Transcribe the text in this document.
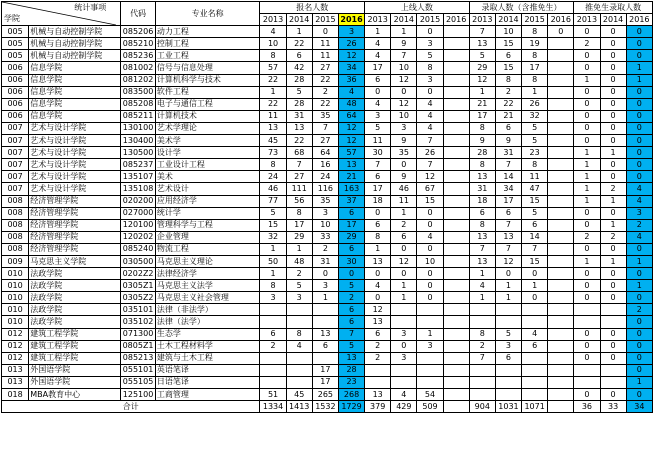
统计事项
学院		代码	专业名称	报名人数				上线人数				录取人数（含推免生）				推免生录取人数		
				2013	2014	2015	2016	2013	2014	2015	2016	2013	2014	2015	2016	2013	2014	2016
005	机械与自动控制学院	085206	动力工程	4	1	0	3	1	1	0		7	10	8	0	0	0	0
005	机械与自动控制学院	085210	控制工程	10	22	11	26	4	9	3		13	15	19		2	0	0
005	机械与自动控制学院	085236	工业工程	8	6	11	12	4	7	5		5	6	8		0	0	0
006	信息学院	081002	信号与信息处理	57	42	27	34	17	10	8		29	15	17		0	0	1
006	信息学院	081202	计算机科学与技术	22	28	22	36	6	12	3		12	8	8		1	0	1
006	信息学院	083500	软件工程	1	5	2	4	0	0	0		1	2	1		0	0	0
006	信息学院	085208	电子与通信工程	22	28	22	48	4	12	4		21	22	26		0	0	0
006	信息学院	085211	计算机技术	11	31	35	64	3	10	4		17	21	32		0	0	0
007	艺术与设计学院	130100	艺术学理论	13	13	7	12	5	3	4		8	6	5		0	0	0
007	艺术与设计学院	130400	美术学	45	22	27	12	11	9	7		9	9	5		0	0	0
007	艺术与设计学院	130500	设计学	73	68	64	57	30	35	26		28	31	23		1	1	0
007	艺术与设计学院	085237	工业设计工程	8	7	16	13	7	0	7		8	7	8		1	0	0
007	艺术与设计学院	135107	美术	24	27	24	21	6	9	12		13	14	11		1	0	0
007	艺术与设计学院	135108	艺术设计	46	111	116	163	17	46	67		31	34	47		1	2	4
008	经济管理学院	020200	应用经济学	77	56	35	37	18	11	15		18	17	15		1	1	4
008	经济管理学院	027000	统计学	5	8	3	6	0	1	0		6	6	5		0	0	3
008	经济管理学院	120100	管理科学与工程	15	17	10	17	6	2	0		8	7	6		0	1	2
008	经济管理学院	120202	企业管理	32	29	33	29	8	6	4		13	13	14		2	2	4
008	经济管理学院	085240	物流工程	1	1	2	6	1	0	0		7	7	7		0	0	0
009	马克思主义学院	030500	马克思主义理论	50	48	31	30	13	12	10		13	12	15		1	1	1
010	法政学院	0202Z2	法律经济学	1	2	0	0	0	0	0		1	0	0		0	0	0
010	法政学院	0305Z1	马克思主义法学	8	5	3	5	4	1	0		4	1	1		0	0	1
010	法政学院	0305Z2	马克思主义社会管理	3	3	1	2	0	1	0		1	1	0		0	0	0
010	法政学院	035101	法律（非法学）				6	12										2
010	法政学院	035102	法律（法学）				6	13										0
012	建筑工程学院	071300	生态学	6	8	13	7	6	3	1		8	5	4		0	0	0
012	建筑工程学院	0805Z1	土木工程材料学	2	4	6	5	2	0	3		2	3	6		0	0	0
012	建筑工程学院	085213	建筑与土木工程				13	2	3			7	6			0	0	0
013	外国语学院	055101	英语笔译			17	28											0
013	外国语学院	055105	日语笔译			17	23											1
018	MBA教育中心	125100	工商管理	51	45	265	268	13	4	54						0	0	0
合计				1334	1413	1532	1729	379	429	509		904	1031	1071		36	33	34
